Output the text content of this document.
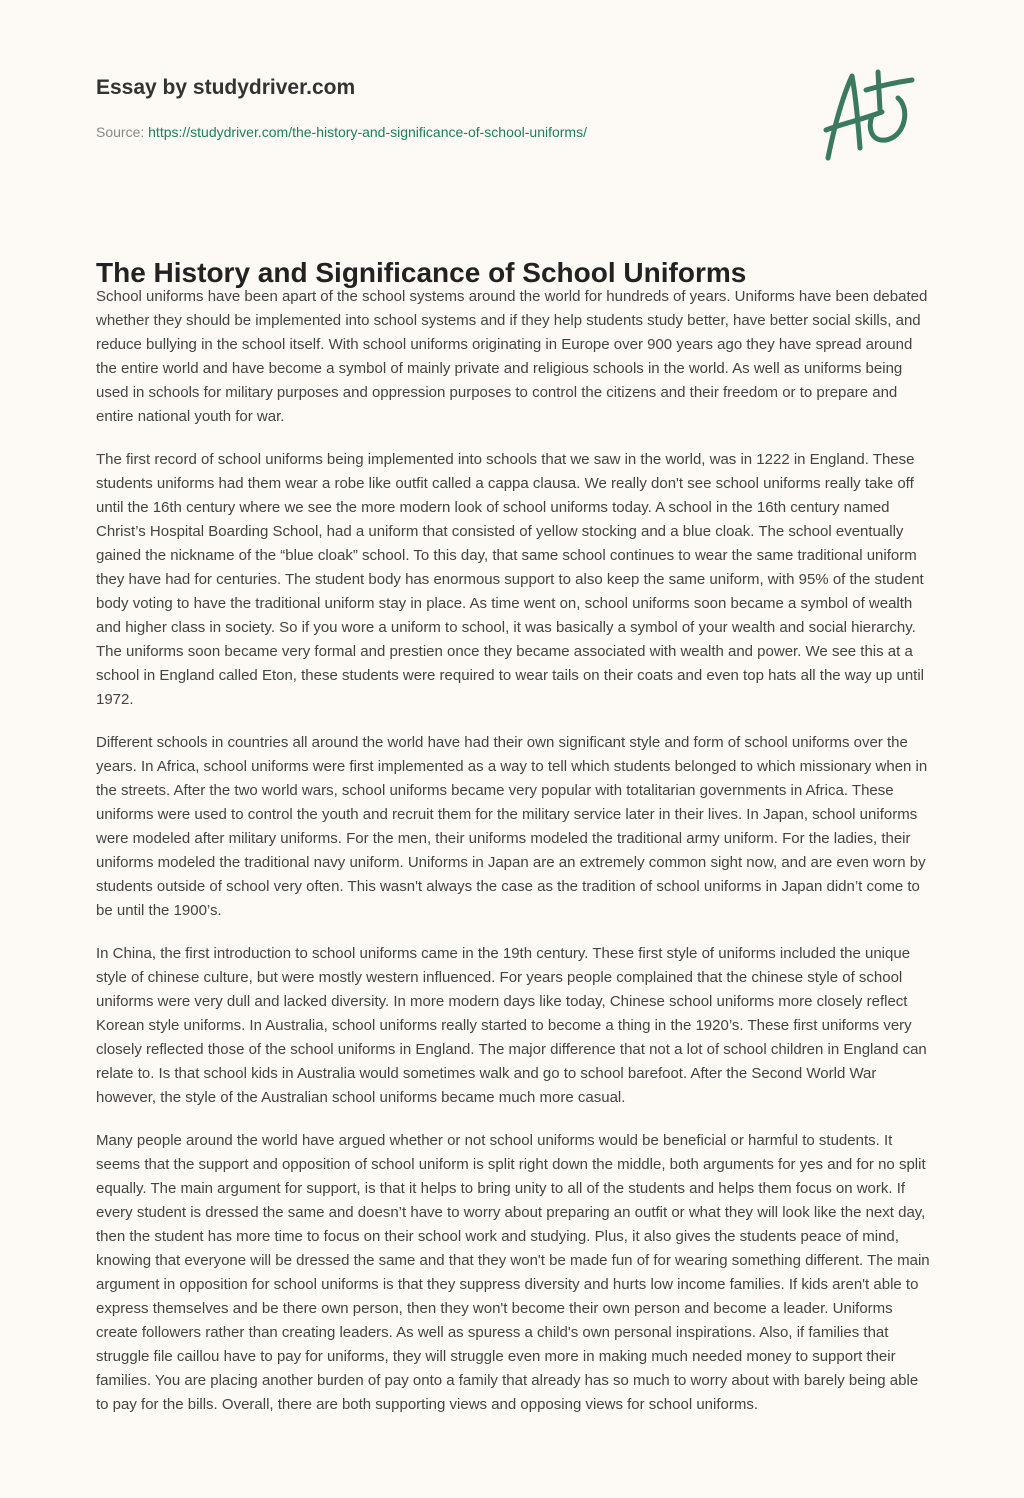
Essay by studydriver.com
Source: https://studydriver.com/the-history-and-significance-of-school-uniforms/
The History and Significance of School Uniforms

School uniforms have been apart of the school systems around the world for hundreds of years. Uniforms have been debated whether they should be implemented into school systems and if they help students study better, have better social skills, and reduce bullying in the school itself. With school uniforms originating in Europe over 900 years ago they have spread around the entire world and have become a symbol of mainly private and religious schools in the world. As well as uniforms being used in schools for military purposes and oppression purposes to control the citizens and their freedom or to prepare and entire national youth for war.

The first record of school uniforms being implemented into schools that we saw in the world, was in 1222 in England. These students uniforms had them wear a robe like outfit called a cappa clausa. We really don't see school uniforms really take off until the 16th century where we see the more modern look of school uniforms today. A school in the 16th century named Christ’s Hospital Boarding School, had a uniform that consisted of yellow stocking and a blue cloak. The school eventually gained the nickname of the “blue cloak” school. To this day, that same school continues to wear the same traditional uniform they have had for centuries. The student body has enormous support to also keep the same uniform, with 95% of the student body voting to have the traditional uniform stay in place. As time went on, school uniforms soon became a symbol of wealth and higher class in society. So if you wore a uniform to school, it was basically a symbol of your wealth and social hierarchy. The uniforms soon became very formal and prestien once they became associated with wealth and power. We see this at a school in England called Eton, these students were required to wear tails on their coats and even top hats all the way up until 1972.

Different schools in countries all around the world have had their own significant style and form of school uniforms over the years. In Africa, school uniforms were first implemented as a way to tell which students belonged to which missionary when in the streets. After the two world wars, school uniforms became very popular with totalitarian governments in Africa. These uniforms were used to control the youth and recruit them for the military service later in their lives. In Japan, school uniforms were modeled after military uniforms. For the men, their uniforms modeled the traditional army uniform. For the ladies, their uniforms modeled the traditional navy uniform. Uniforms in Japan are an extremely common sight now, and are even worn by students outside of school very often. This wasn't always the case as the tradition of school uniforms in Japan didn’t come to be until the 1900’s.

In China, the first introduction to school uniforms came in the 19th century. These first style of uniforms included the unique style of chinese culture, but were mostly western influenced. For years people complained that the chinese style of school uniforms were very dull and lacked diversity. In more modern days like today, Chinese school uniforms more closely reflect Korean style uniforms. In Australia, school uniforms really started to become a thing in the 1920’s. These first uniforms very closely reflected those of the school uniforms in England. The major difference that not a lot of school children in England can relate to. Is that school kids in Australia would sometimes walk and go to school barefoot. After the Second World War however, the style of the Australian school uniforms became much more casual.

Many people around the world have argued whether or not school uniforms would be beneficial or harmful to students. It seems that the support and opposition of school uniform is split right down the middle, both arguments for yes and for no split equally. The main argument for support, is that it helps to bring unity to all of the students and helps them focus on work. If every student is dressed the same and doesn’t have to worry about preparing an outfit or what they will look like the next day, then the student has more time to focus on their school work and studying. Plus, it also gives the students peace of mind, knowing that everyone will be dressed the same and that they won't be made fun of for wearing something different. The main argument in opposition for school uniforms is that they suppress diversity and hurts low income families. If kids aren't able to express themselves and be there own person, then they won't become their own person and become a leader. Uniforms create followers rather than creating leaders. As well as spuress a child's own personal inspirations. Also, if families that struggle file caillou have to pay for uniforms, they will struggle even more in making much needed money to support their families. You are placing another burden of pay onto a family that already has so much to worry about with barely being able to pay for the bills. Overall, there are both supporting views and opposing views for school uniforms.
